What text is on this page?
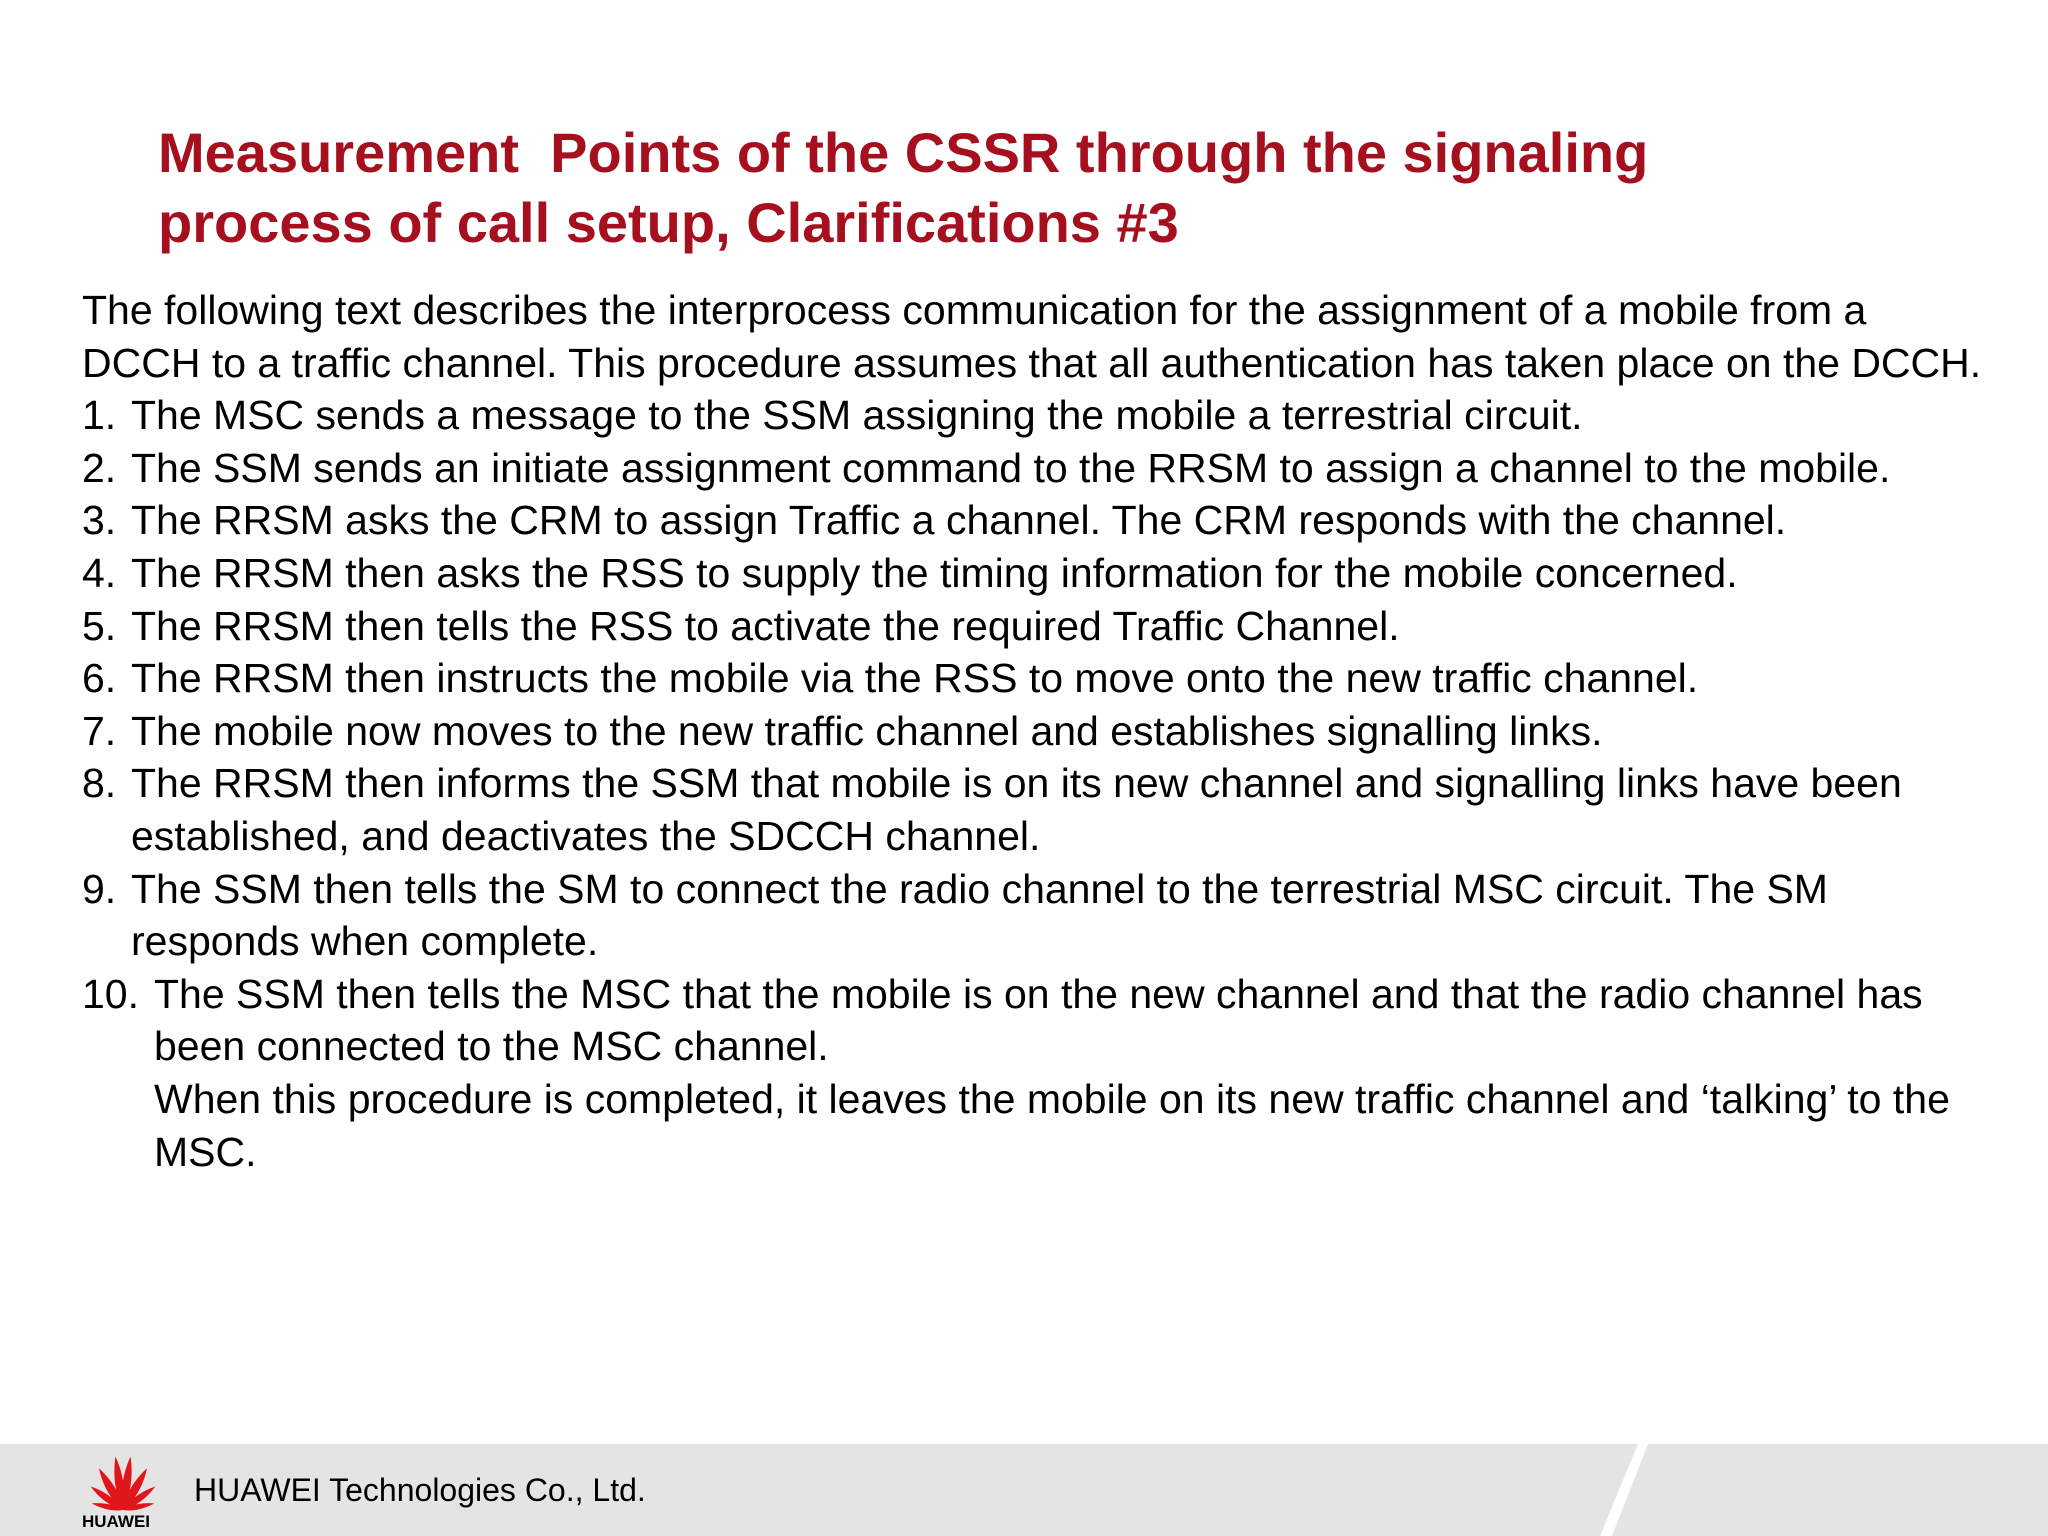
Measurement  Points of the CSSR through the signaling
process of call setup, Clarifications #3

The following text describes the interprocess communication for the assignment of a mobile from a DCCH to a traffic channel. This procedure assumes that all authentication has taken place on the DCCH.

1. The MSC sends a message to the SSM assigning the mobile a terrestrial circuit.
2. The SSM sends an initiate assignment command to the RRSM to assign a channel to the mobile.
3. The RRSM asks the CRM to assign Traffic a channel. The CRM responds with the channel.
4. The RRSM then asks the RSS to supply the timing information for the mobile concerned.
5. The RRSM then tells the RSS to activate the required Traffic Channel.
6. The RRSM then instructs the mobile via the RSS to move onto the new traffic channel.
7. The mobile now moves to the new traffic channel and establishes signalling links.
8. The RRSM then informs the SSM that mobile is on its new channel and signalling links have been established, and deactivates the SDCCH channel.
9. The SSM then tells the SM to connect the radio channel to the terrestrial MSC circuit. The SM responds when complete.
10. The SSM then tells the MSC that the mobile is on the new channel and that the radio channel has been connected to the MSC channel.

When this procedure is completed, it leaves the mobile on its new traffic channel and ‘talking’ to the MSC.

HUAWEI
HUAWEI Technologies Co., Ltd.
